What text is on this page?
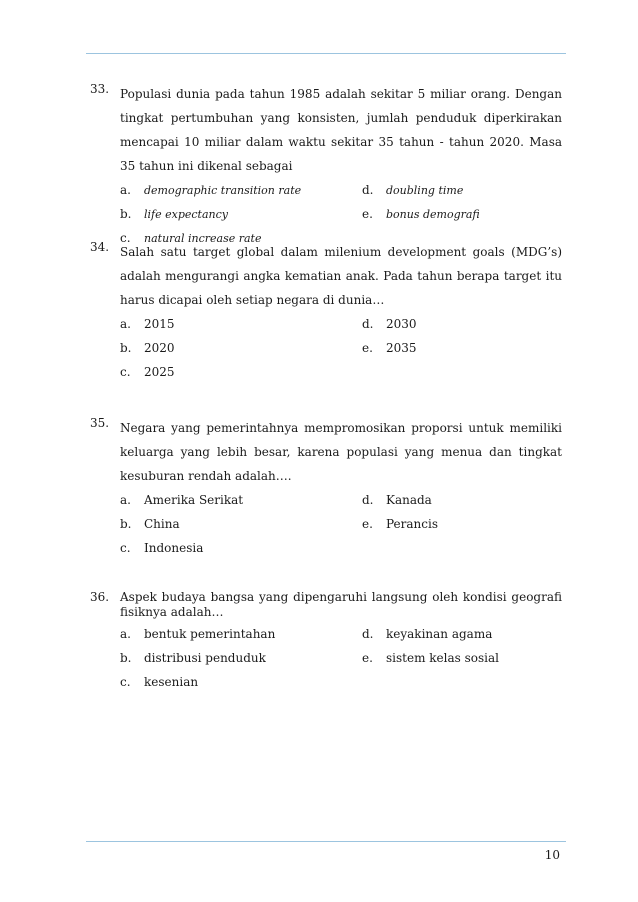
33. Populasi dunia pada tahun 1985 adalah sekitar 5 miliar orang. Dengan tingkat pertumbuhan yang konsisten, jumlah penduduk diperkirakan mencapai 10 miliar dalam waktu sekitar 35 tahun - tahun 2020. Masa 35 tahun ini dikenal sebagai
a. demographic transition rate
b. life expectancy
c. natural increase rate
d. doubling time
e. bonus demografi
34. Salah satu target global dalam milenium development goals (MDG’s) adalah mengurangi angka kematian anak. Pada tahun berapa target itu harus dicapai oleh setiap negara di dunia…
a. 2015
b. 2020
c. 2025
d. 2030
e. 2035
35. Negara yang pemerintahnya mempromosikan proporsi untuk memiliki keluarga yang lebih besar, karena populasi yang menua dan tingkat kesuburan rendah adalah….
a. Amerika Serikat
b. China
c. Indonesia
d. Kanada
e. Perancis
36. Aspek budaya bangsa yang dipengaruhi langsung oleh kondisi geografi fisiknya adalah…
a. bentuk pemerintahan
b. distribusi penduduk
c. kesenian
d. keyakinan agama
e. sistem kelas sosial
10
